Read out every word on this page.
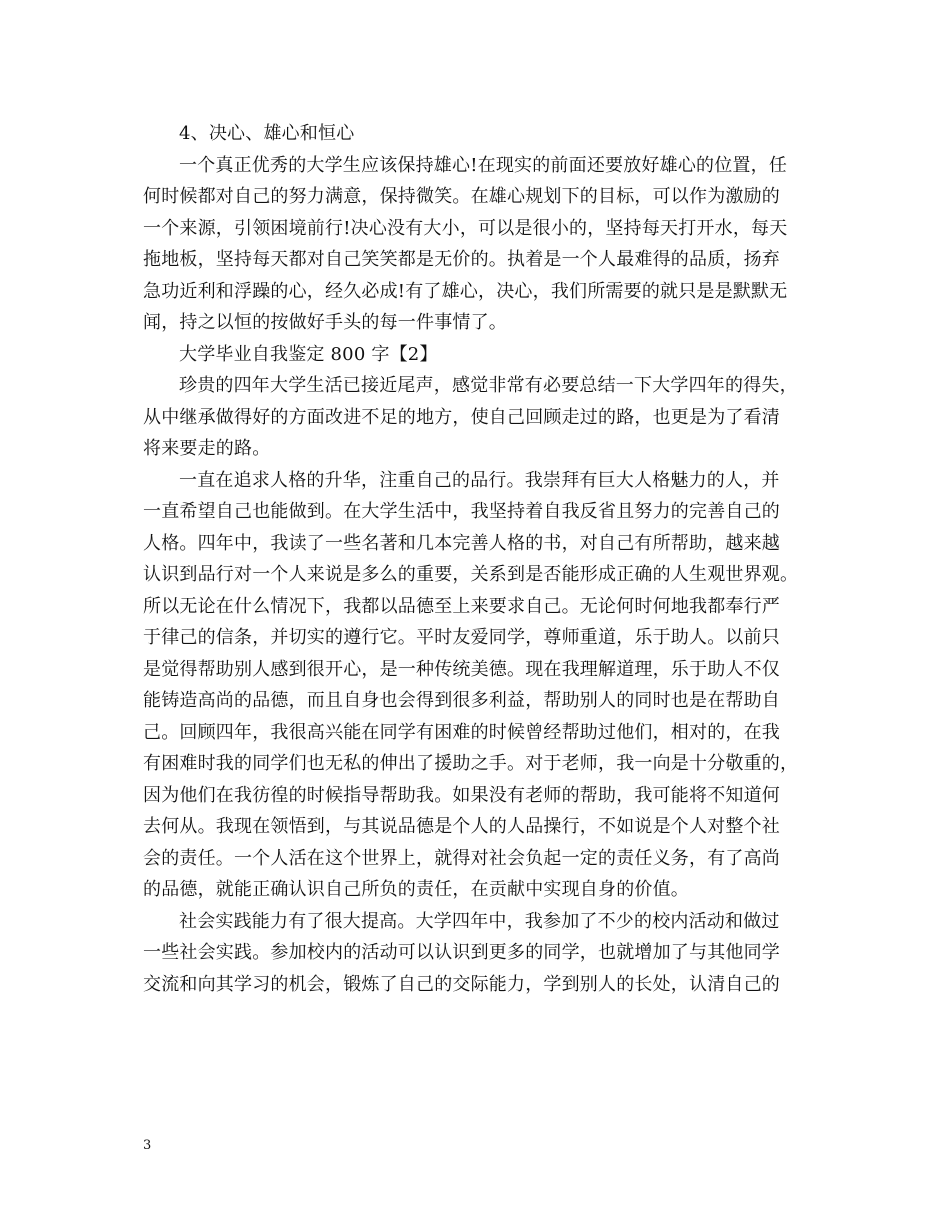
4、决心、雄心和恒心
一个真正优秀的大学生应该保持雄心!在现实的前面还要放好雄心的位置，任
何时候都对自己的努力满意，保持微笑。在雄心规划下的目标，可以作为激励的
一个来源，引领困境前行!决心没有大小，可以是很小的，坚持每天打开水，每天
拖地板，坚持每天都对自己笑笑都是无价的。执着是一个人最难得的品质，扬弃
急功近利和浮躁的心，经久必成!有了雄心，决心，我们所需要的就只是是默默无
闻，持之以恒的按做好手头的每一件事情了。
大学毕业自我鉴定 800 字【2】
珍贵的四年大学生活已接近尾声，感觉非常有必要总结一下大学四年的得失，
从中继承做得好的方面改进不足的地方，使自己回顾走过的路，也更是为了看清
将来要走的路。
一直在追求人格的升华，注重自己的品行。我崇拜有巨大人格魅力的人，并
一直希望自己也能做到。在大学生活中，我坚持着自我反省且努力的完善自己的
人格。四年中，我读了一些名著和几本完善人格的书，对自己有所帮助，越来越
认识到品行对一个人来说是多么的重要，关系到是否能形成正确的人生观世界观。
所以无论在什么情况下，我都以品德至上来要求自己。无论何时何地我都奉行严
于律己的信条，并切实的遵行它。平时友爱同学，尊师重道，乐于助人。以前只
是觉得帮助别人感到很开心，是一种传统美德。现在我理解道理，乐于助人不仅
能铸造高尚的品德，而且自身也会得到很多利益，帮助别人的同时也是在帮助自
己。回顾四年，我很高兴能在同学有困难的时候曾经帮助过他们，相对的，在我
有困难时我的同学们也无私的伸出了援助之手。对于老师，我一向是十分敬重的，
因为他们在我彷徨的时候指导帮助我。如果没有老师的帮助，我可能将不知道何
去何从。我现在领悟到，与其说品德是个人的人品操行，不如说是个人对整个社
会的责任。一个人活在这个世界上，就得对社会负起一定的责任义务，有了高尚
的品德，就能正确认识自己所负的责任，在贡献中实现自身的价值。
社会实践能力有了很大提高。大学四年中，我参加了不少的校内活动和做过
一些社会实践。参加校内的活动可以认识到更多的同学，也就增加了与其他同学
交流和向其学习的机会，锻炼了自己的交际能力，学到别人的长处，认清自己的
3
